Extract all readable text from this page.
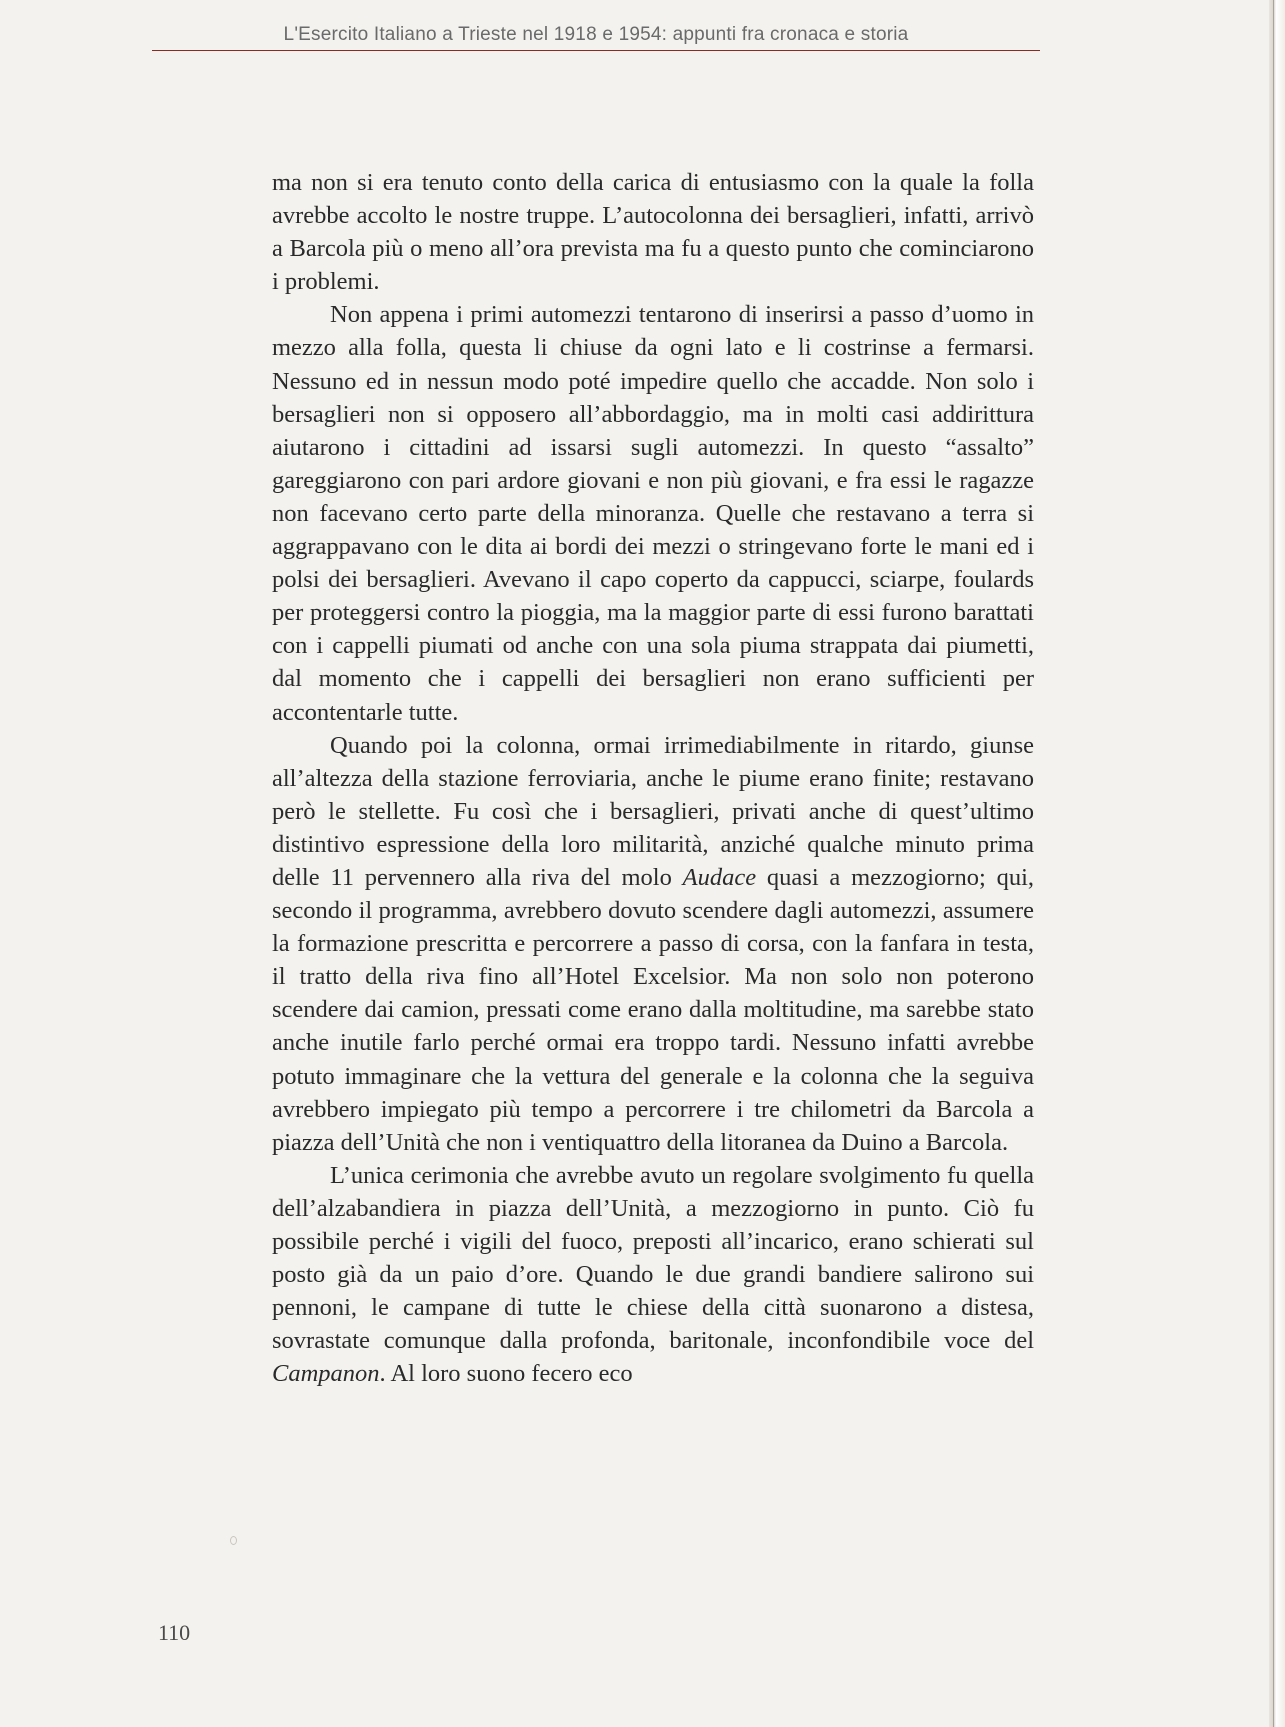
L'Esercito Italiano a Trieste nel 1918 e 1954: appunti fra cronaca e storia

ma non si era tenuto conto della carica di entusiasmo con la quale la folla avrebbe accolto le nostre truppe. L’autocolonna dei bersaglieri, infatti, arrivò a Barcola più o meno all’ora prevista ma fu a questo punto che cominciarono i problemi.

Non appena i primi automezzi tentarono di inserirsi a passo d’uomo in mezzo alla folla, questa li chiuse da ogni lato e li costrinse a fermarsi. Nessuno ed in nessun modo poté impedire quello che accadde. Non solo i bersaglieri non si opposero all’abbordaggio, ma in molti casi addirittura aiutarono i cittadini ad issarsi sugli automezzi. In questo “assalto” gareggiarono con pari ardore giovani e non più giovani, e fra essi le ragazze non facevano certo parte della minoranza. Quelle che restavano a terra si aggrappavano con le dita ai bordi dei mezzi o stringevano forte le mani ed i polsi dei bersaglieri. Avevano il capo coperto da cappucci, sciarpe, foulards per proteggersi contro la pioggia, ma la maggior parte di essi furono barattati con i cappelli piumati od anche con una sola piuma strappata dai piumetti, dal momento che i cappelli dei bersaglieri non erano sufficienti per accontentarle tutte.

Quando poi la colonna, ormai irrimediabilmente in ritardo, giunse all’altezza della stazione ferroviaria, anche le piume erano finite; restavano però le stellette. Fu così che i bersaglieri, privati anche di quest’ultimo distintivo espressione della loro militarità, anziché qualche minuto prima delle 11 pervennero alla riva del molo Audace quasi a mezzogiorno; qui, secondo il programma, avrebbero dovuto scendere dagli automezzi, assumere la formazione prescritta e percorrere a passo di corsa, con la fanfara in testa, il tratto della riva fino all’Hotel Excelsior. Ma non solo non poterono scendere dai camion, pressati come erano dalla moltitudine, ma sarebbe stato anche inutile farlo perché ormai era troppo tardi. Nessuno infatti avrebbe potuto immaginare che la vettura del generale e la colonna che la seguiva avrebbero impiegato più tempo a percorrere i tre chilometri da Barcola a piazza dell’Unità che non i ventiquattro della litoranea da Duino a Barcola.

L’unica cerimonia che avrebbe avuto un regolare svolgimento fu quella dell’alzabandiera in piazza dell’Unità, a mezzogiorno in punto. Ciò fu possibile perché i vigili del fuoco, preposti all’incarico, erano schierati sul posto già da un paio d’ore. Quando le due grandi bandiere salirono sui pennoni, le campane di tutte le chiese della città suonarono a distesa, sovrastate comunque dalla profonda, baritonale, inconfondibile voce del Campanon. Al loro suono fecero eco

110
